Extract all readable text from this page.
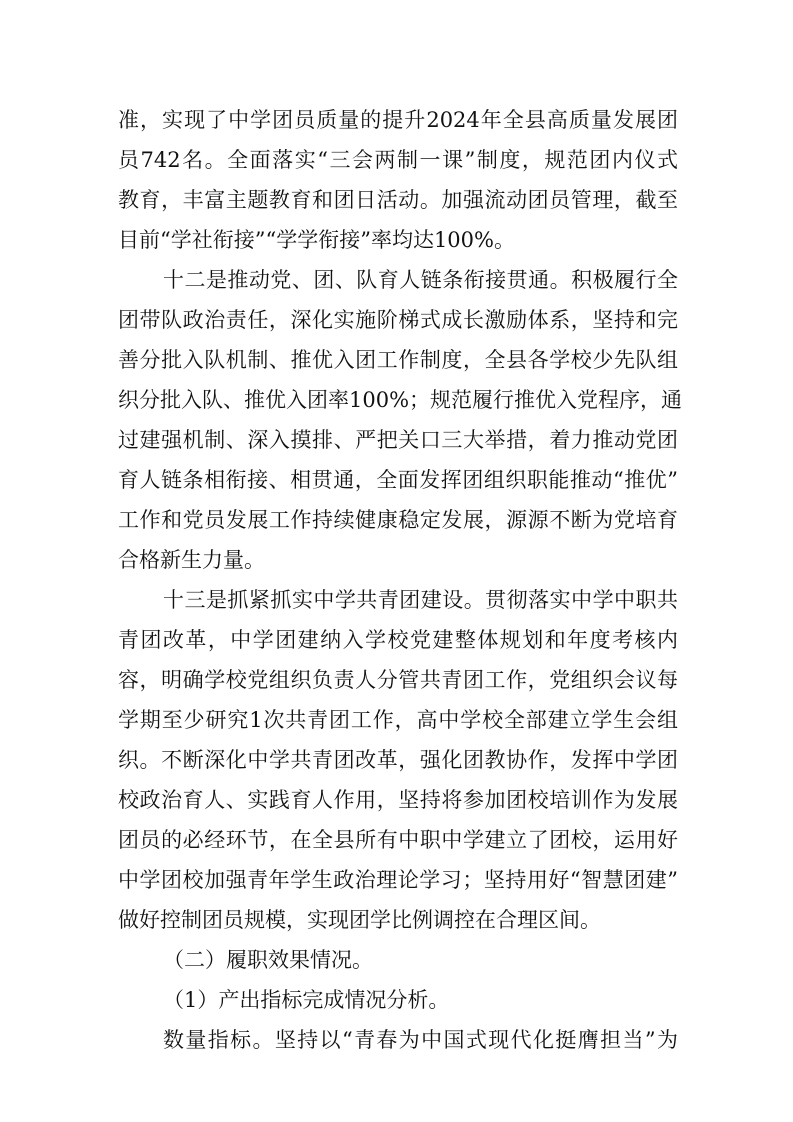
准，实现了中学团员质量的提升2024年全县高质量发展团
员742名。全面落实“三会两制一课”制度，规范团内仪式
教育，丰富主题教育和团日活动。加强流动团员管理，截至
目前“学社衔接”“学学衔接”率均达100%。
十二是推动党、团、队育人链条衔接贯通。积极履行全
团带队政治责任，深化实施阶梯式成长激励体系，坚持和完
善分批入队机制、推优入团工作制度，全县各学校少先队组
织分批入队、推优入团率100%；规范履行推优入党程序，通
过建强机制、深入摸排、严把关口三大举措，着力推动党团
育人链条相衔接、相贯通，全面发挥团组织职能推动“推优”
工作和党员发展工作持续健康稳定发展，源源不断为党培育
合格新生力量。
十三是抓紧抓实中学共青团建设。贯彻落实中学中职共
青团改革，中学团建纳入学校党建整体规划和年度考核内
容，明确学校党组织负责人分管共青团工作，党组织会议每
学期至少研究1次共青团工作，高中学校全部建立学生会组
织。不断深化中学共青团改革，强化团教协作，发挥中学团
校政治育人、实践育人作用，坚持将参加团校培训作为发展
团员的必经环节，在全县所有中职中学建立了团校，运用好
中学团校加强青年学生政治理论学习；坚持用好“智慧团建”
做好控制团员规模，实现团学比例调控在合理区间。
（二）履职效果情况。
（1）产出指标完成情况分析。
数量指标。坚持以“青春为中国式现代化挺膺担当”为
